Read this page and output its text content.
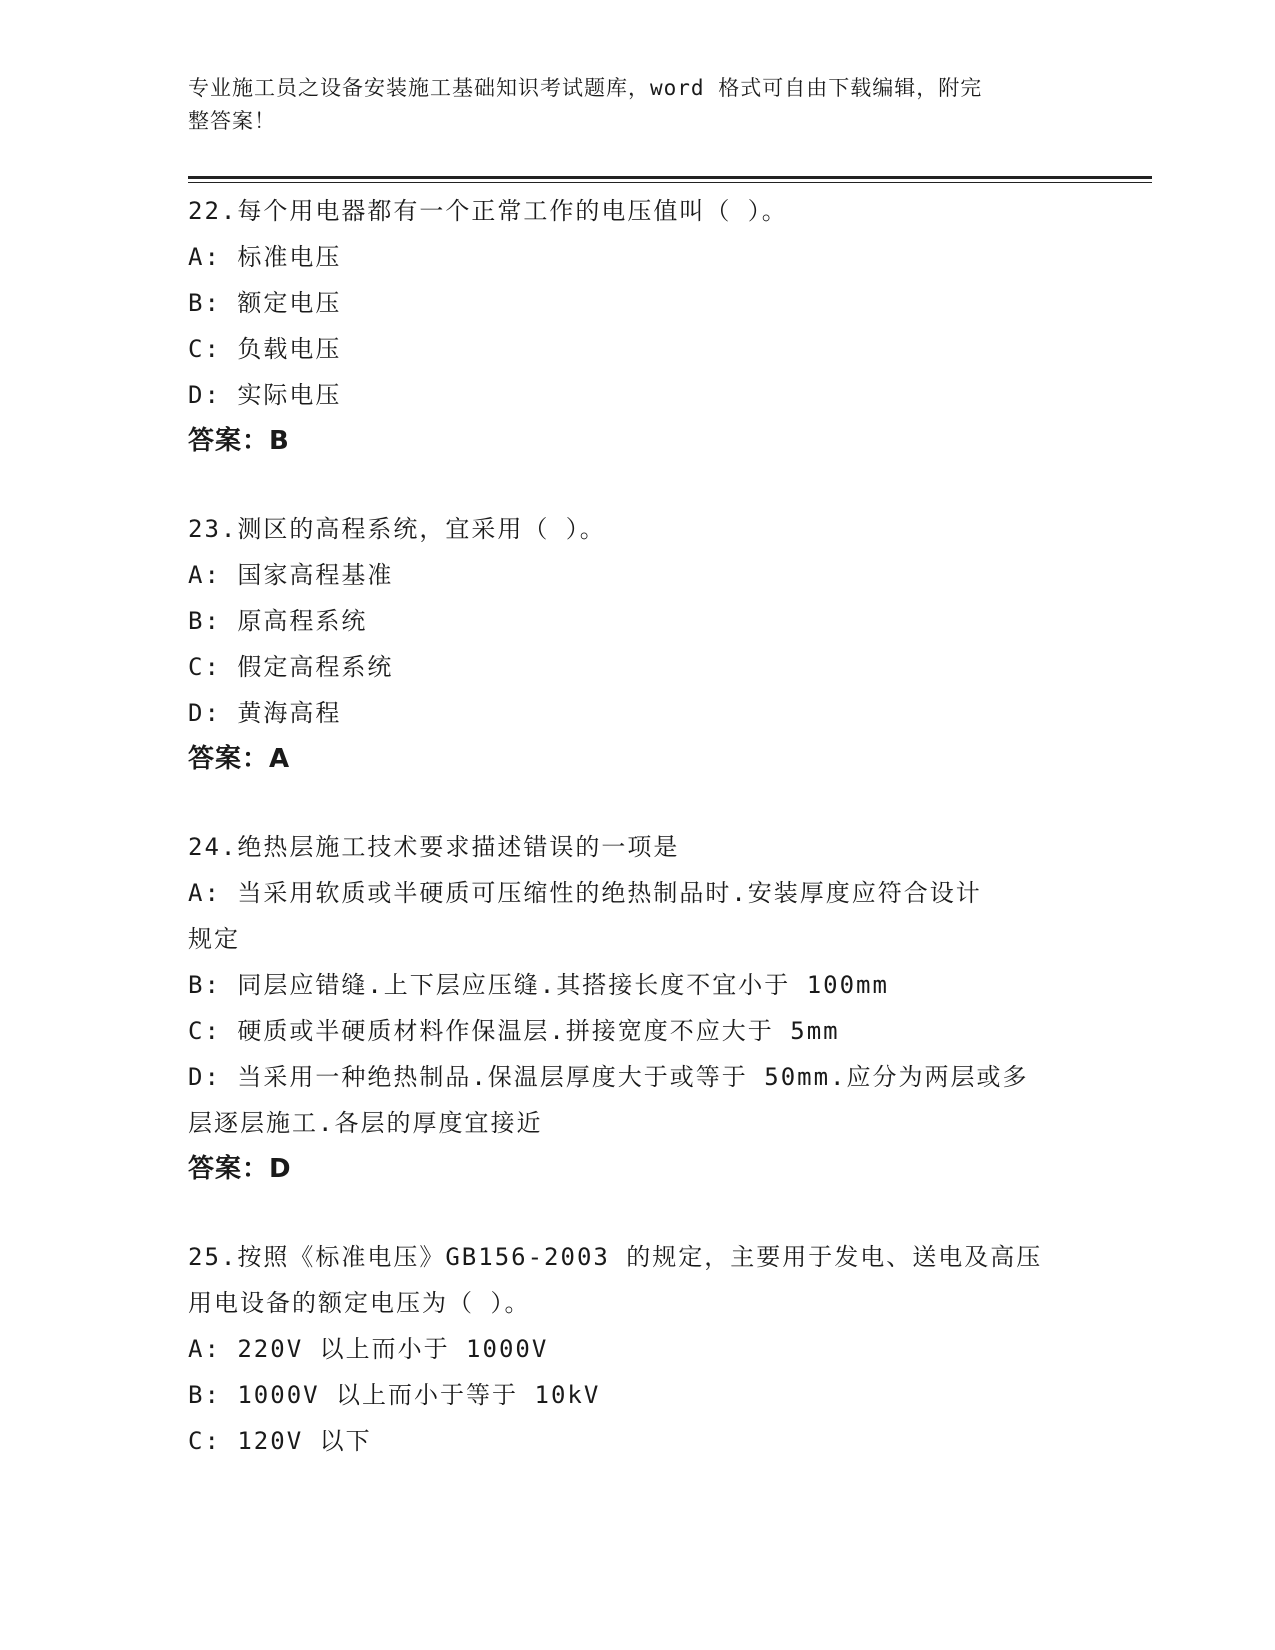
专业施工员之设备安装施工基础知识考试题库，word 格式可自由下载编辑，附完
整答案！
22.每个用电器都有一个正常工作的电压值叫（ ）。
A: 标准电压
B: 额定电压
C: 负载电压
D: 实际电压
答案：B
23.测区的高程系统，宜采用（ ）。
A: 国家高程基准
B: 原高程系统
C: 假定高程系统
D: 黄海高程
答案：A
24.绝热层施工技术要求描述错误的一项是
A: 当采用软质或半硬质可压缩性的绝热制品时.安装厚度应符合设计
规定
B: 同层应错缝.上下层应压缝.其搭接长度不宜小于 100mm
C: 硬质或半硬质材料作保温层.拼接宽度不应大于 5mm
D: 当采用一种绝热制品.保温层厚度大于或等于 50mm.应分为两层或多
层逐层施工.各层的厚度宜接近
答案：D
25.按照《标准电压》GB156-2003 的规定，主要用于发电、送电及高压
用电设备的额定电压为（ ）。
A: 220V 以上而小于 1000V
B: 1000V 以上而小于等于 10kV
C: 120V 以下
